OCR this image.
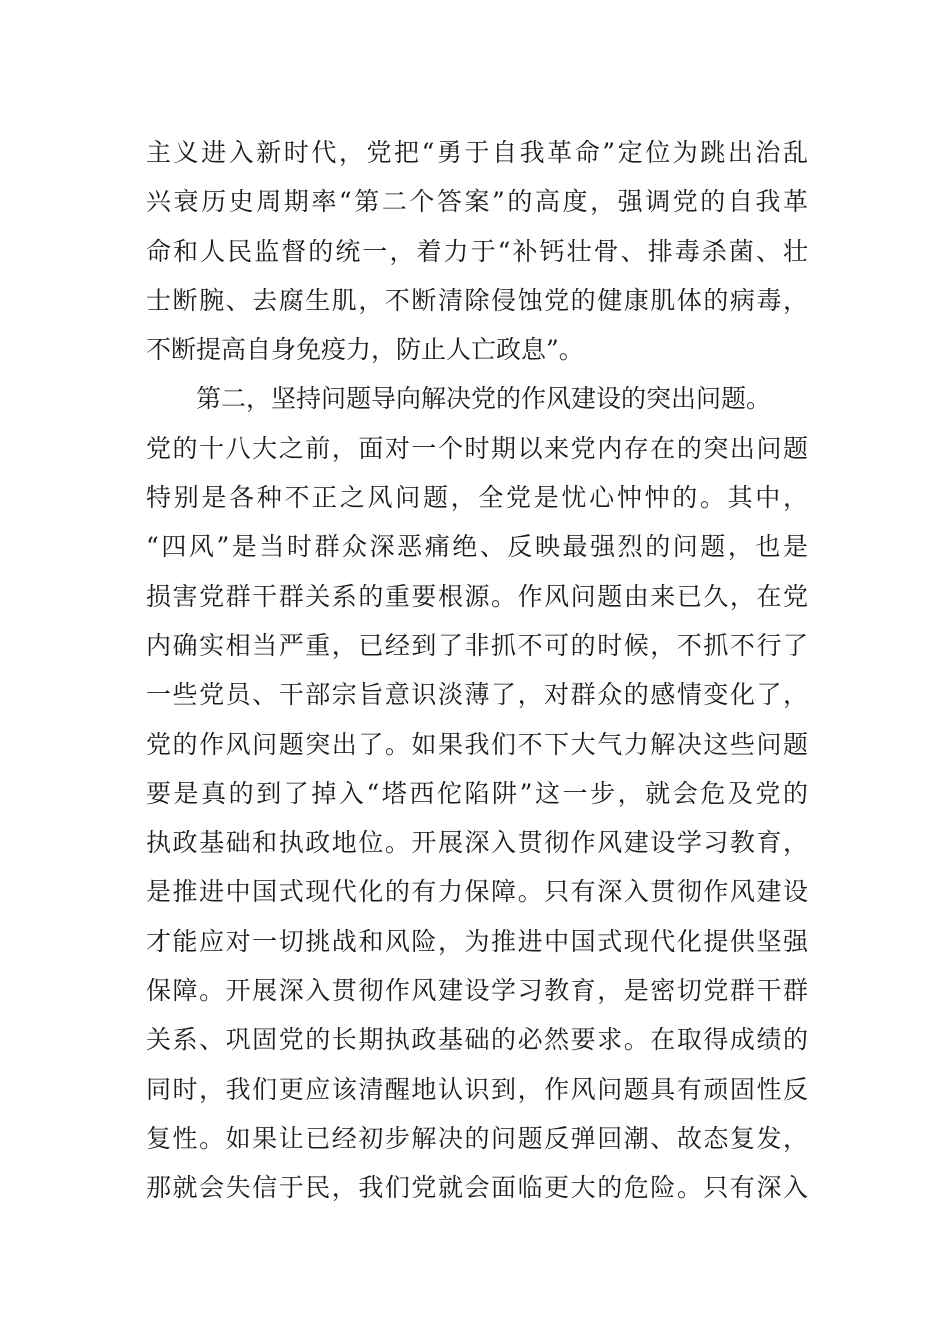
主义进入新时代，党把“勇于自我革命”定位为跳出治乱
兴衰历史周期率“第二个答案”的高度，强调党的自我革
命和人民监督的统一，着力于“补钙壮骨、排毒杀菌、壮
士断腕、去腐生肌，不断清除侵蚀党的健康肌体的病毒，
不断提高自身免疫力，防止人亡政息”。
第二，坚持问题导向解决党的作风建设的突出问题。
党的十八大之前，面对一个时期以来党内存在的突出问题
特别是各种不正之风问题，全党是忧心忡忡的。其中，
“四风”是当时群众深恶痛绝、反映最强烈的问题，也是
损害党群干群关系的重要根源。作风问题由来已久，在党
内确实相当严重，已经到了非抓不可的时候，不抓不行了
一些党员、干部宗旨意识淡薄了，对群众的感情变化了，
党的作风问题突出了。如果我们不下大气力解决这些问题
要是真的到了掉入“塔西佗陷阱”这一步，就会危及党的
执政基础和执政地位。开展深入贯彻作风建设学习教育，
是推进中国式现代化的有力保障。只有深入贯彻作风建设
才能应对一切挑战和风险，为推进中国式现代化提供坚强
保障。开展深入贯彻作风建设学习教育，是密切党群干群
关系、巩固党的长期执政基础的必然要求。在取得成绩的
同时，我们更应该清醒地认识到，作风问题具有顽固性反
复性。如果让已经初步解决的问题反弹回潮、故态复发，
那就会失信于民，我们党就会面临更大的危险。只有深入
